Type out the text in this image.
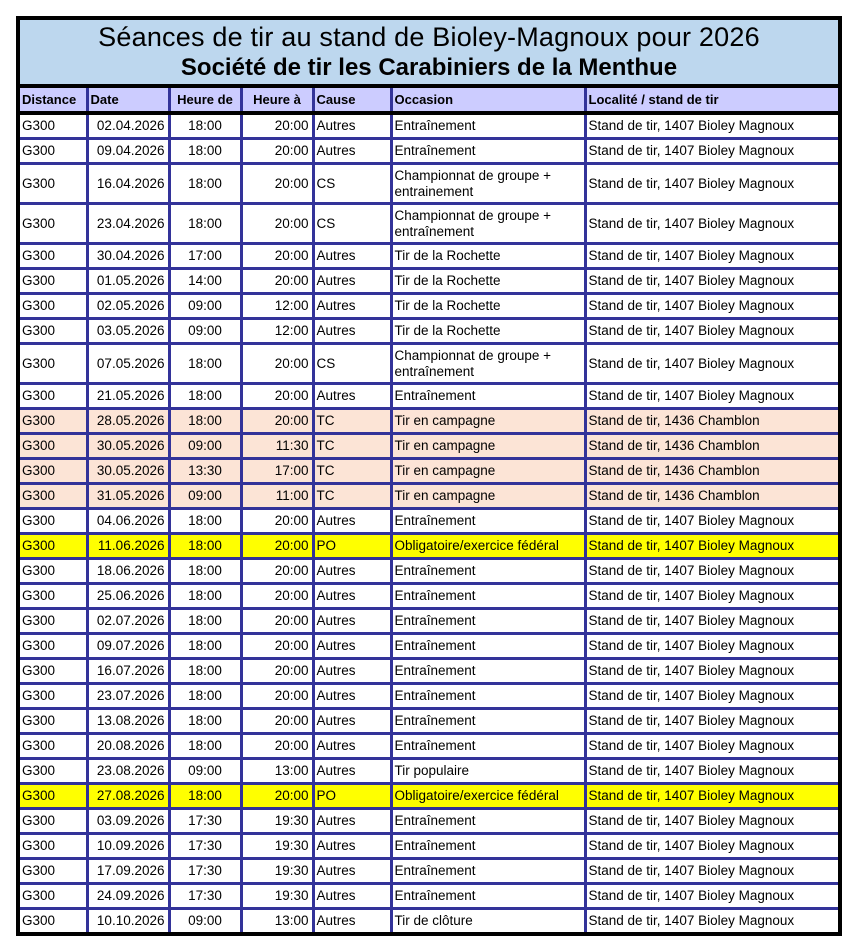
Séances de tir au stand de Bioley-Magnoux pour 2026
Société de tir les Carabiniers de la Menthue
Distance	Date	Heure de	Heure à	Cause	Occasion	Localité / stand de tir
G300	02.04.2026	18:00	20:00	Autres	Entraînement	Stand de tir, 1407 Bioley Magnoux
G300	09.04.2026	18:00	20:00	Autres	Entraînement	Stand de tir, 1407 Bioley Magnoux
G300	16.04.2026	18:00	20:00	CS	Championnat de groupe + entrainement	Stand de tir, 1407 Bioley Magnoux
G300	23.04.2026	18:00	20:00	CS	Championnat de groupe + entraînement	Stand de tir, 1407 Bioley Magnoux
G300	30.04.2026	17:00	20:00	Autres	Tir de la Rochette	Stand de tir, 1407 Bioley Magnoux
G300	01.05.2026	14:00	20:00	Autres	Tir de la Rochette	Stand de tir, 1407 Bioley Magnoux
G300	02.05.2026	09:00	12:00	Autres	Tir de la Rochette	Stand de tir, 1407 Bioley Magnoux
G300	03.05.2026	09:00	12:00	Autres	Tir de la Rochette	Stand de tir, 1407 Bioley Magnoux
G300	07.05.2026	18:00	20:00	CS	Championnat de groupe + entraînement	Stand de tir, 1407 Bioley Magnoux
G300	21.05.2026	18:00	20:00	Autres	Entraînement	Stand de tir, 1407 Bioley Magnoux
G300	28.05.2026	18:00	20:00	TC	Tir en campagne	Stand de tir, 1436 Chamblon
G300	30.05.2026	09:00	11:30	TC	Tir en campagne	Stand de tir, 1436 Chamblon
G300	30.05.2026	13:30	17:00	TC	Tir en campagne	Stand de tir, 1436 Chamblon
G300	31.05.2026	09:00	11:00	TC	Tir en campagne	Stand de tir, 1436 Chamblon
G300	04.06.2026	18:00	20:00	Autres	Entraînement	Stand de tir, 1407 Bioley Magnoux
G300	11.06.2026	18:00	20:00	PO	Obligatoire/exercice fédéral	Stand de tir, 1407 Bioley Magnoux
G300	18.06.2026	18:00	20:00	Autres	Entraînement	Stand de tir, 1407 Bioley Magnoux
G300	25.06.2026	18:00	20:00	Autres	Entraînement	Stand de tir, 1407 Bioley Magnoux
G300	02.07.2026	18:00	20:00	Autres	Entraînement	Stand de tir, 1407 Bioley Magnoux
G300	09.07.2026	18:00	20:00	Autres	Entraînement	Stand de tir, 1407 Bioley Magnoux
G300	16.07.2026	18:00	20:00	Autres	Entraînement	Stand de tir, 1407 Bioley Magnoux
G300	23.07.2026	18:00	20:00	Autres	Entraînement	Stand de tir, 1407 Bioley Magnoux
G300	13.08.2026	18:00	20:00	Autres	Entraînement	Stand de tir, 1407 Bioley Magnoux
G300	20.08.2026	18:00	20:00	Autres	Entraînement	Stand de tir, 1407 Bioley Magnoux
G300	23.08.2026	09:00	13:00	Autres	Tir populaire	Stand de tir, 1407 Bioley Magnoux
G300	27.08.2026	18:00	20:00	PO	Obligatoire/exercice fédéral	Stand de tir, 1407 Bioley Magnoux
G300	03.09.2026	17:30	19:30	Autres	Entraînement	Stand de tir, 1407 Bioley Magnoux
G300	10.09.2026	17:30	19:30	Autres	Entraînement	Stand de tir, 1407 Bioley Magnoux
G300	17.09.2026	17:30	19:30	Autres	Entraînement	Stand de tir, 1407 Bioley Magnoux
G300	24.09.2026	17:30	19:30	Autres	Entraînement	Stand de tir, 1407 Bioley Magnoux
G300	10.10.2026	09:00	13:00	Autres	Tir de clôture	Stand de tir, 1407 Bioley Magnoux
